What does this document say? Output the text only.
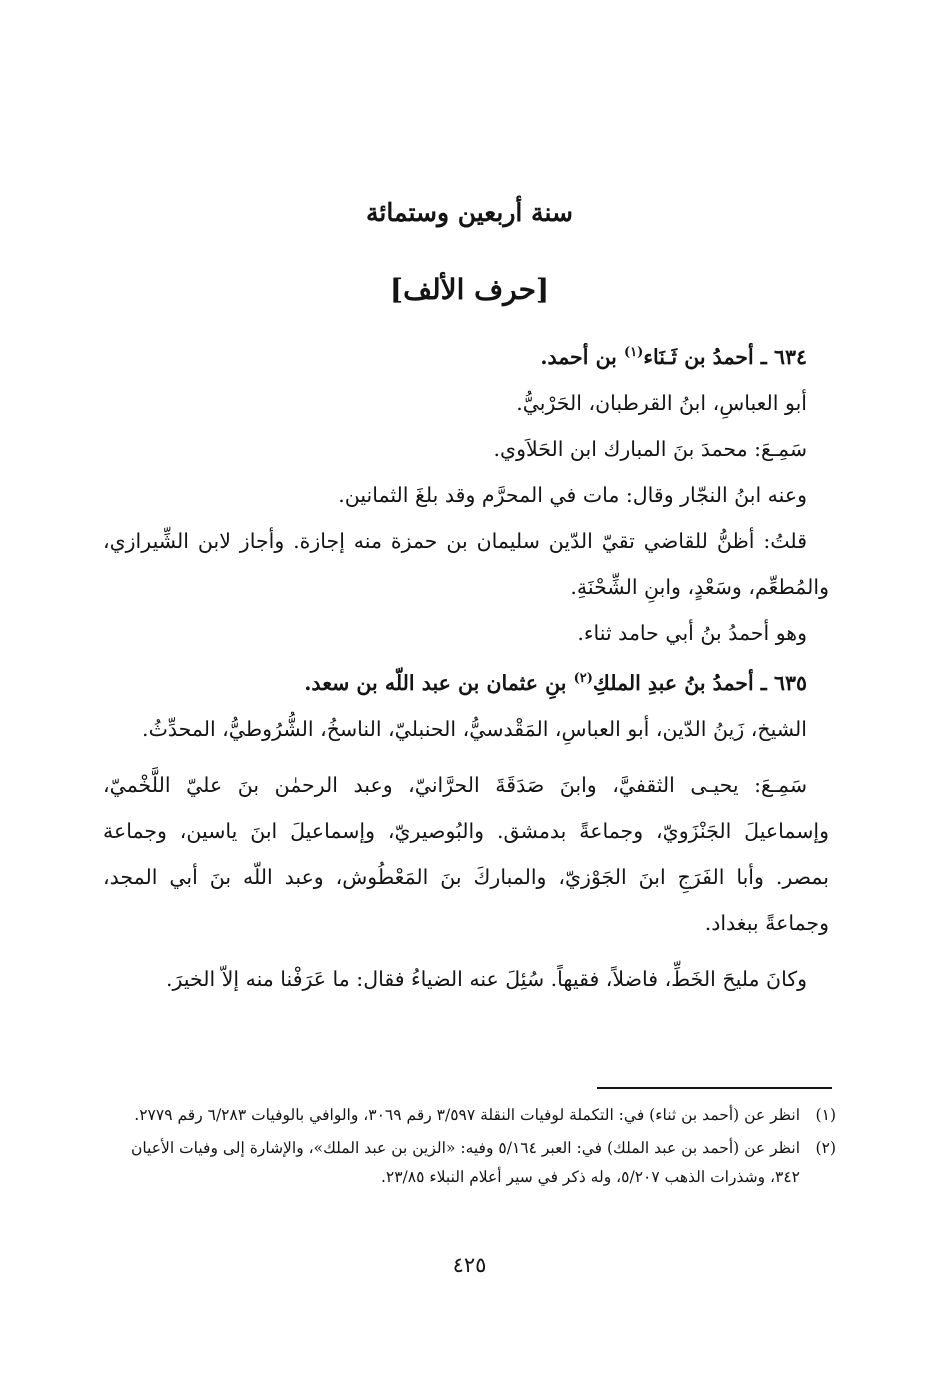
سنة أربعين وستمائة
[حرف الألف]

٦٣٤ ـ أحمدُ بن ثَـنَاء$^{(١)}$ بن أحمد.

أبو العباسِ، ابنُ القرطبان، الحَرْبيُّ.

سَمِـعَ: محمدَ بنَ المبارك ابن الحَلاَوي.

وعنه ابنُ النجّار وقال: مات في المحرَّم وقد بلغَ الثمانين.

قلتُ: أظنُّ للقاضي تقيّ الدّين سليمان بن حمزة منه إجازة. وأجاز لابن الشِّيرازي، والمُطعِّم، وسَعْدٍ، وابنِ الشِّحْنَةِ.

وهو أحمدُ بنُ أبي حامد ثناء.

٦٣٥ ـ أحمدُ بنُ عبدِ الملكِ$^{(٢)}$ بنِ عثمان بن عبد اللّه بن سعد.

الشيخ، زَينُ الدّين، أبو العباسِ، المَقْدسيُّ، الحنبليّ، الناسخُ، الشُّرُوطيُّ، المحدِّثُ.

سَمِـعَ: يحيـى الثقفيَّ، وابنَ صَدَقَةَ الحرَّانيّ، وعبد الرحمٰن بنَ عليّ اللَّخْميّ، وإسماعيلَ الجَنْزَويّ، وجماعةً بدمشق. والبُوصيريّ، وإسماعيلَ ابنَ ياسين، وجماعة بمصر. وأبا الفَرَجِ ابنَ الجَوْزيّ، والمباركَ بنَ المَعْطُوش، وعبد اللّه بنَ أبي المجد، وجماعةً ببغداد.

وكانَ مليحَ الخَطِّ، فاضلاً، فقيهاً. سُئِلَ عنه الضياءُ فقال: ما عَرَفْنا منه إلاّ الخيرَ.

(١)
انظر عن (أحمد بن ثناء) في: التكملة لوفيات النقلة ٣/٥٩٧ رقم ٣٠٦٩، والوافي بالوفيات ٦/٢٨٣ رقم ٢٧٧٩.

(٢)
انظر عن (أحمد بن عبد الملك) في: العبر ٥/١٦٤ وفيه: «الزين بن عبد الملك»، والإشارة إلى وفيات الأعيان ٣٤٢، وشذرات الذهب ٥/٢٠٧، وله ذكر في سير أعلام النبلاء ٢٣/٨٥.

٤٢٥
